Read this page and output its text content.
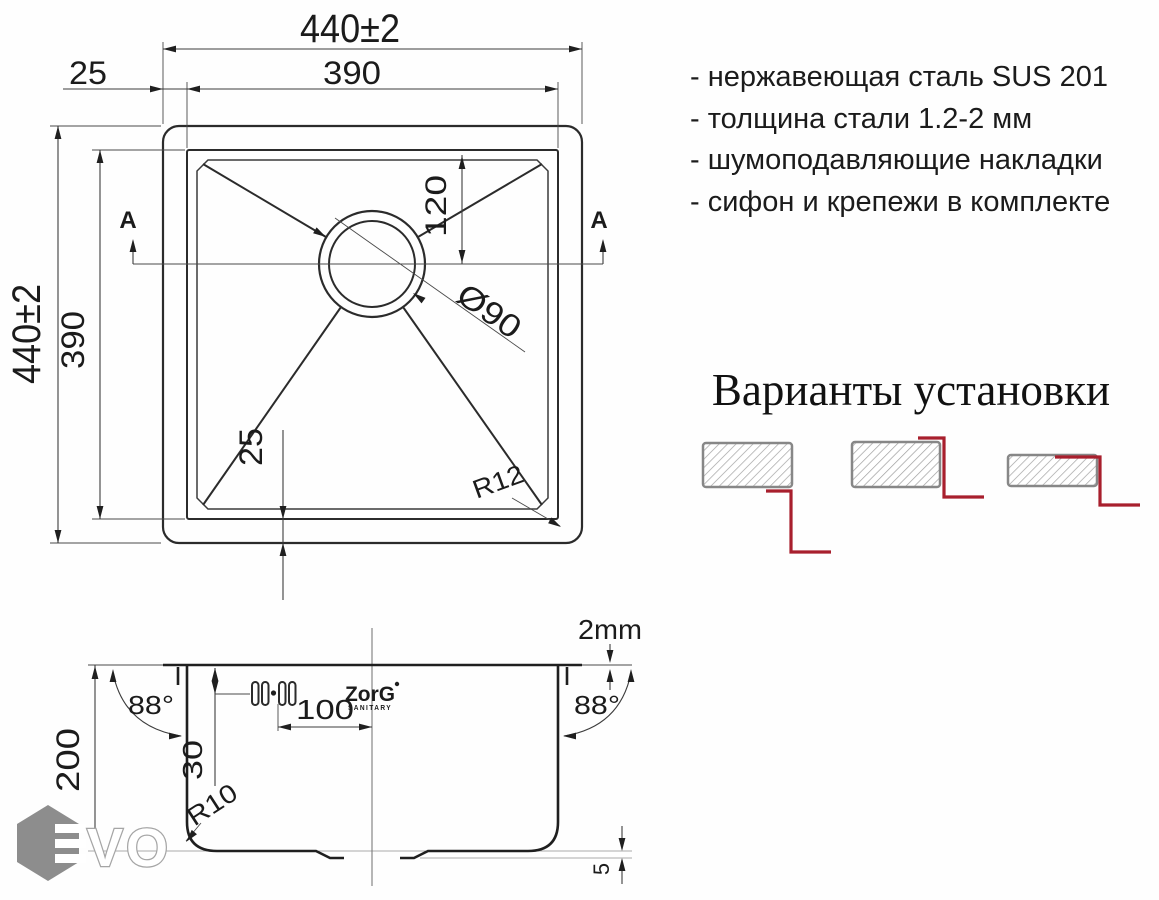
A	A
440±2
390
25
440±2 390
120
Ø90
25
R12
- нержавеющая сталь SUS 201
- толщина стали 1.2-2 мм
- шумоподавляющие накладки
- сифон и крепежи в комплекте
Варианты установки
200
2mm
88°	88°
30
100
ZorG
SANITARY
R10
5
VO
